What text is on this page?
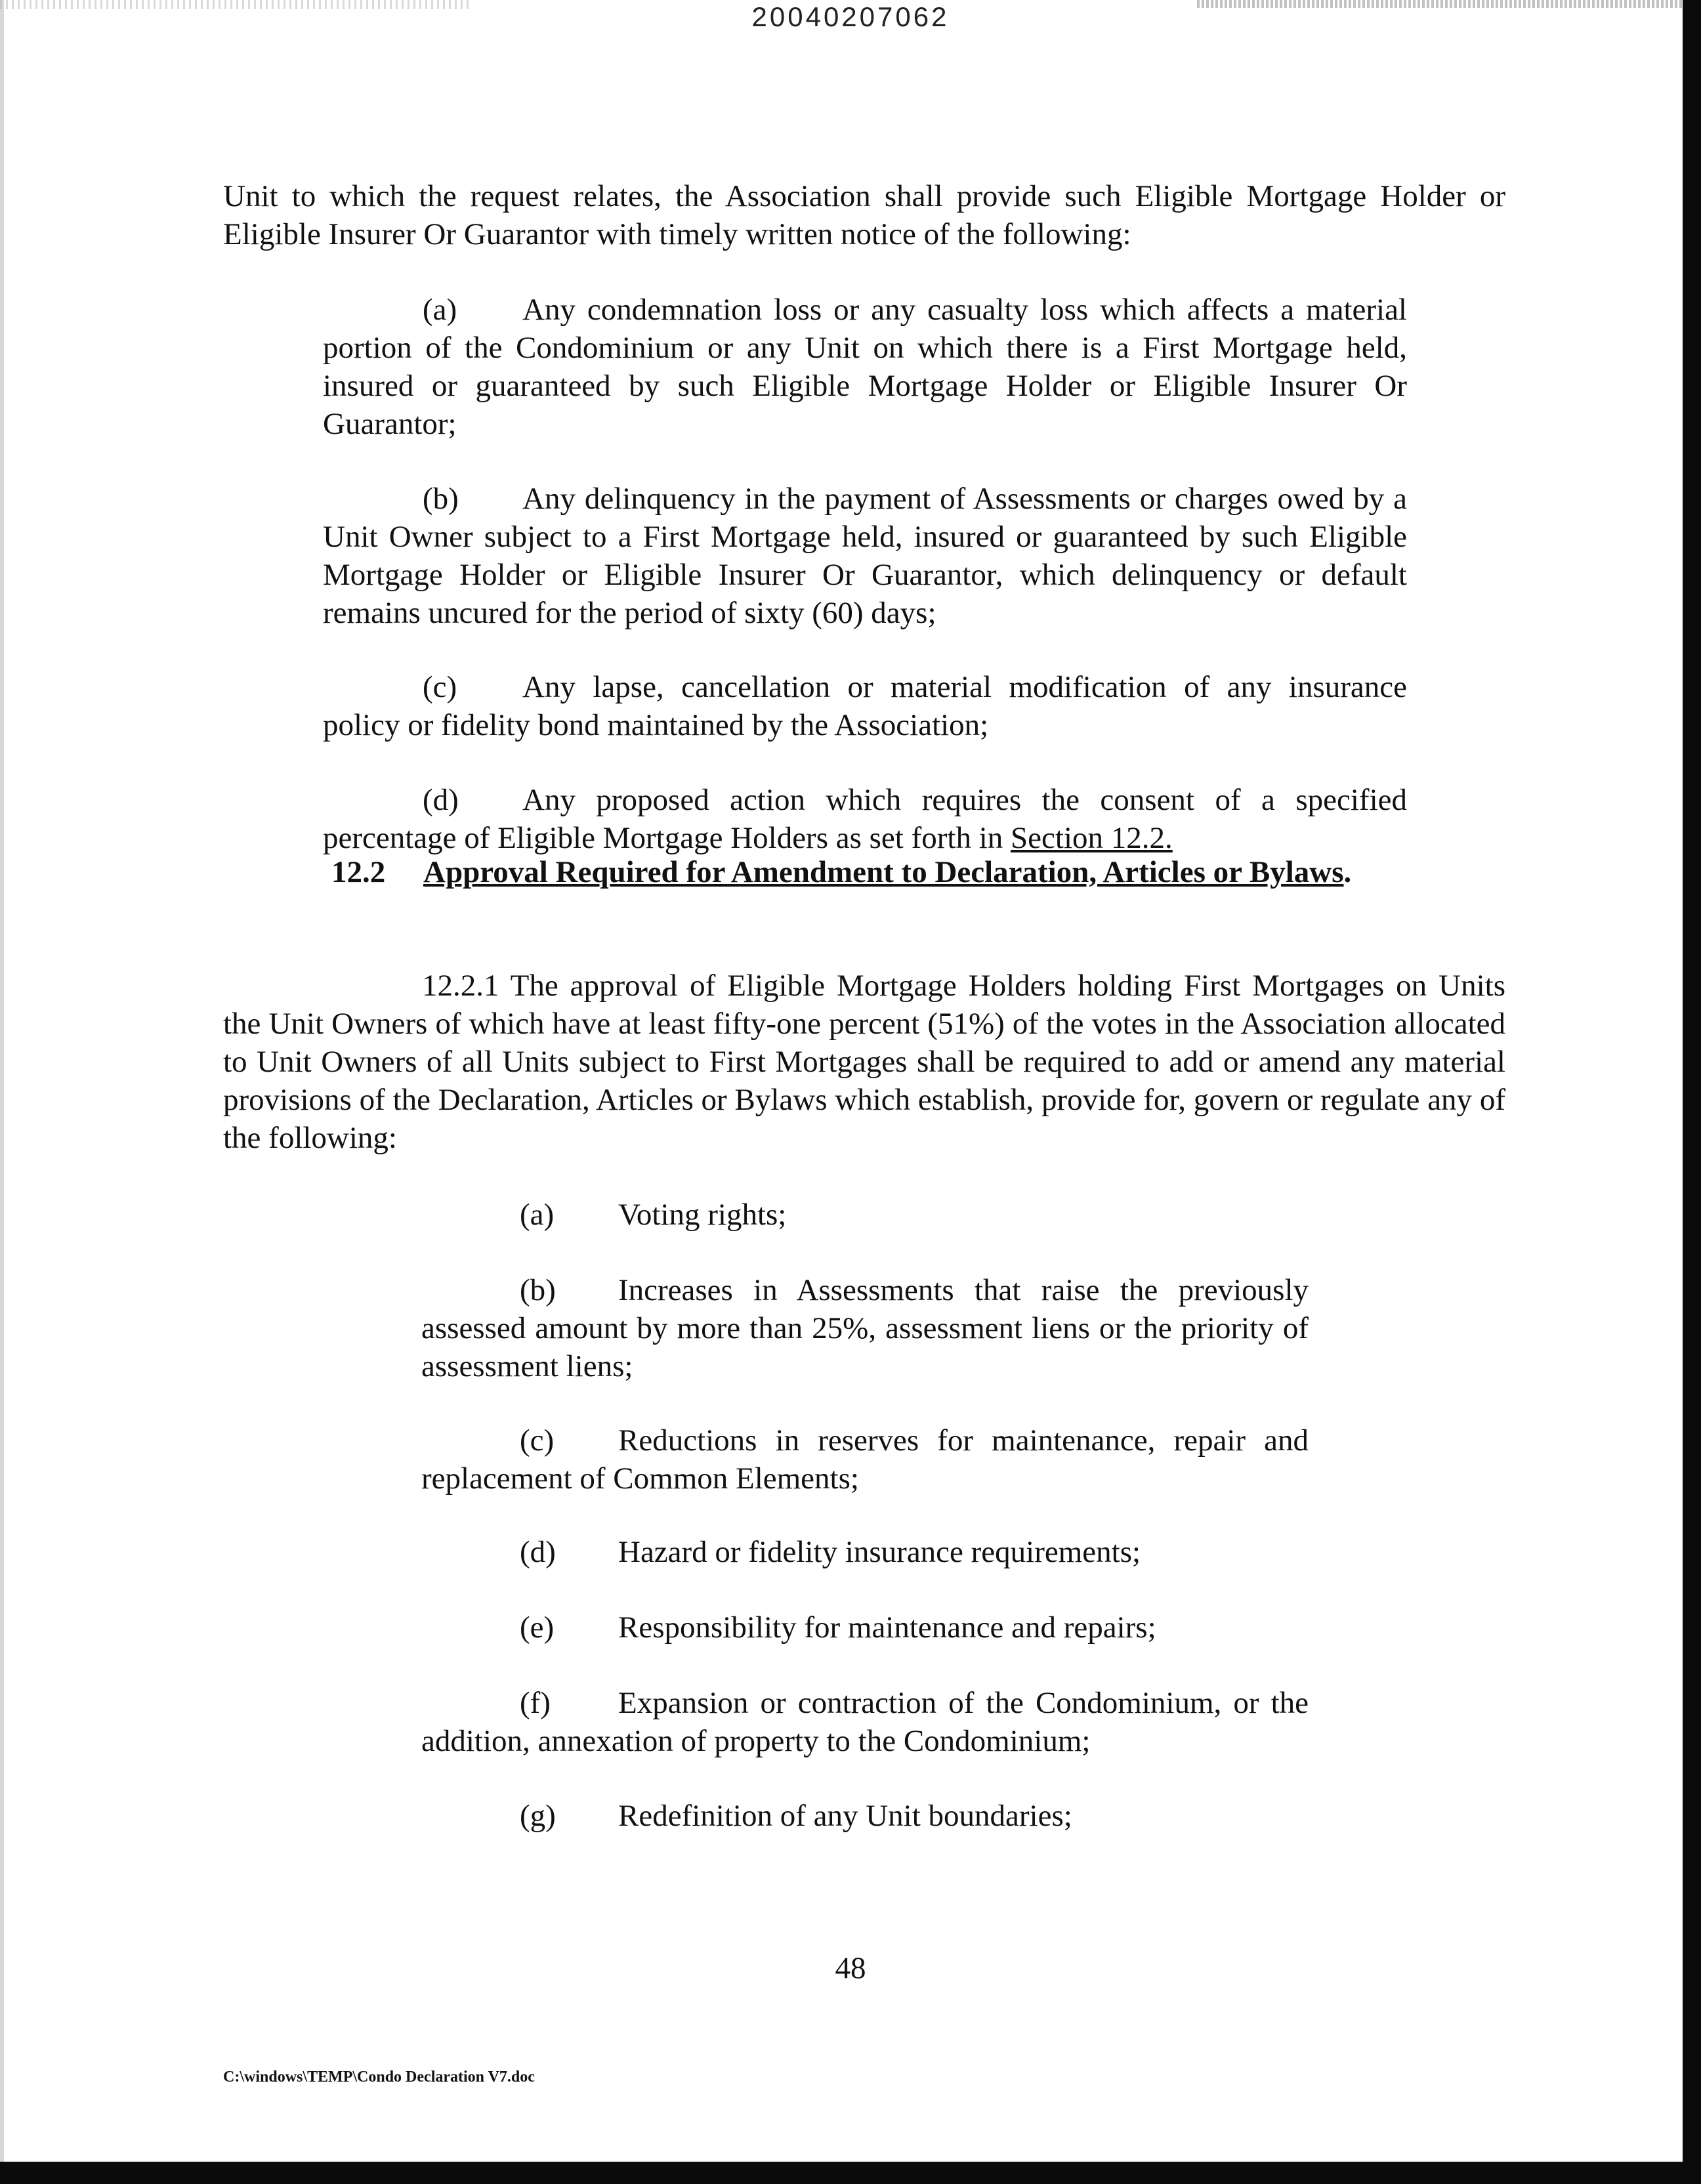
20040207062

Unit to which the request relates, the Association shall provide such Eligible Mortgage Holder or Eligible Insurer Or Guarantor with timely written notice of the following:

(a) Any condemnation loss or any casualty loss which affects a material portion of the Condominium or any Unit on which there is a First Mortgage held, insured or guaranteed by such Eligible Mortgage Holder or Eligible Insurer Or Guarantor;

(b) Any delinquency in the payment of Assessments or charges owed by a Unit Owner subject to a First Mortgage held, insured or guaranteed by such Eligible Mortgage Holder or Eligible Insurer Or Guarantor, which delinquency or default remains uncured for the period of sixty (60) days;

(c) Any lapse, cancellation or material modification of any insurance policy or fidelity bond maintained by the Association;

(d) Any proposed action which requires the consent of a specified percentage of Eligible Mortgage Holders as set forth in Section 12.2.

12.2 Approval Required for Amendment to Declaration, Articles or Bylaws.

12.2.1 The approval of Eligible Mortgage Holders holding First Mortgages on Units the Unit Owners of which have at least fifty-one percent (51%) of the votes in the Association allocated to Unit Owners of all Units subject to First Mortgages shall be required to add or amend any material provisions of the Declaration, Articles or Bylaws which establish, provide for, govern or regulate any of the following:

(a) Voting rights;

(b) Increases in Assessments that raise the previously assessed amount by more than 25%, assessment liens or the priority of assessment liens;

(c) Reductions in reserves for maintenance, repair and replacement of Common Elements;

(d) Hazard or fidelity insurance requirements;

(e) Responsibility for maintenance and repairs;

(f) Expansion or contraction of the Condominium, or the addition, annexation of property to the Condominium;

(g) Redefinition of any Unit boundaries;

48
C:\windows\TEMP\Condo Declaration V7.doc
